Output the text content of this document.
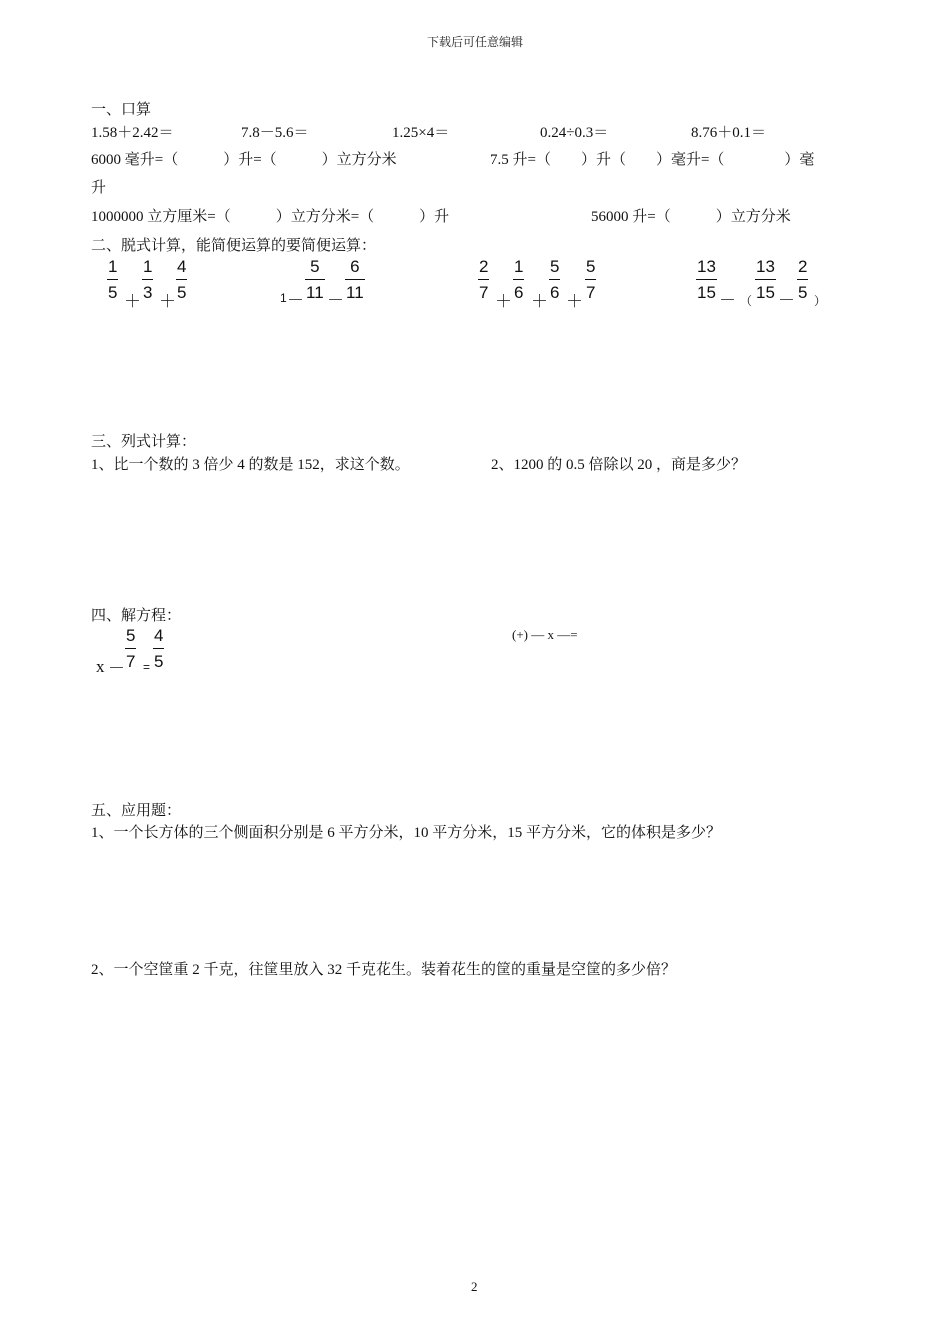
下载后可任意编辑
一、口算
1.58＋2.42＝	7.8－5.6＝	1.25×4＝	0.24÷0.3＝	8.76＋0.1＝
6000 毫升=（　　　）升=（　　　）立方分米	7.5 升=（　　）升（　　）毫升=（　　　　）毫
升
1000000 立方厘米=（　　　）立方分米=（　　　）升	56000 升=（　　　）立方分米
二、脱式计算，能简便运算的要简便运算：
1
5 ＋
1
3 ＋
4
5	1 －
5
11 －
6
11
2
7 ＋
1
6 ＋
5
6 ＋
5
7
13
15 － （
13
15 －
2
5 ）
三、列式计算：
1、比一个数的 3 倍少 4 的数是 152，求这个数。	2、1200 的 0.5 倍除以 20 ，商是多少？
四、解方程：
x －
5
7 =
4
5
(+) — x —=
五、应用题：
1、一个长方体的三个侧面积分别是 6 平方分米，10 平方分米，15 平方分米，它的体积是多少？
2、一个空筐重 2 千克，往筐里放入 32 千克花生。装着花生的筐的重量是空筐的多少倍？
2
